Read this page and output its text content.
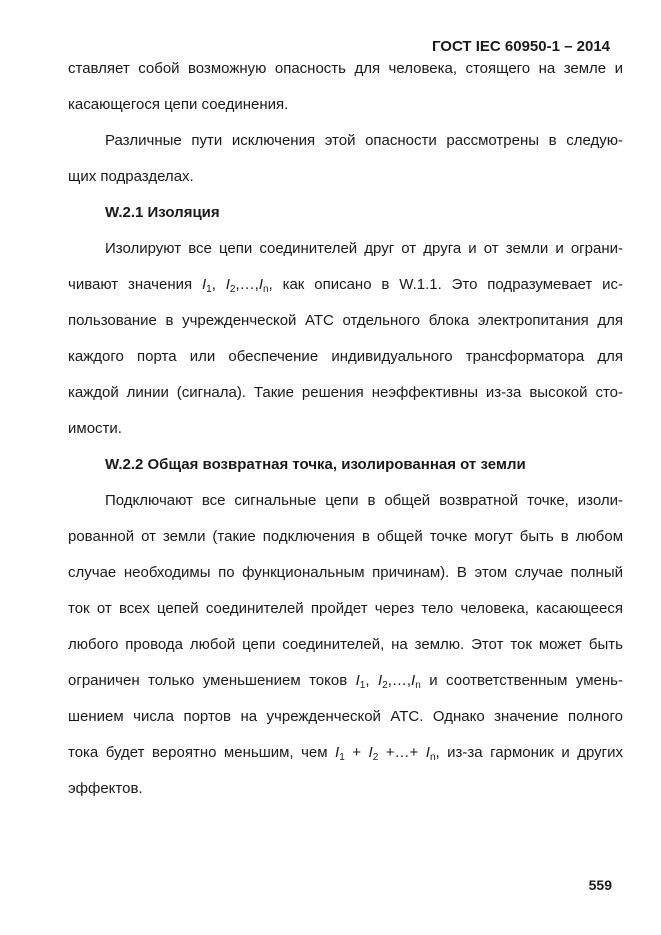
ГОСТ IEC 60950-1 – 2014
ставляет собой возможную опасность для человека, стоящего на земле и
касающегося цепи соединения.
Различные пути исключения этой опасности рассмотрены в следую-
щих подразделах.
W.2.1 Изоляция
Изолируют все цепи соединителей друг от друга и от земли и ограни-
чивают значения $I_1$, $I_2,\dots,I_n$, как описано в W.1.1. Это подразумевает ис-
пользование в учрежденческой АТС отдельного блока электропитания для
каждого порта или обеспечение индивидуального трансформатора для
каждой линии (сигнала). Такие решения неэффективны из-за высокой сто-
имости.
W.2.2 Общая возвратная точка, изолированная от земли
Подключают все сигнальные цепи в общей возвратной точке, изоли-
рованной от земли (такие подключения в общей точке могут быть в любом
случае необходимы по функциональным причинам). В этом случае полный
ток от всех цепей соединителей пройдет через тело человека, касающееся
любого провода любой цепи соединителей, на землю. Этот ток может быть
ограничен только уменьшением токов $I_1$, $I_2,\dots,I_n$ и соответственным умень-
шением числа портов на учрежденческой АТС. Однако значение полного
тока будет вероятно меньшим, чем $I_1 + I_2$ +…+ $I_n$, из-за гармоник и других
эффектов.
559
